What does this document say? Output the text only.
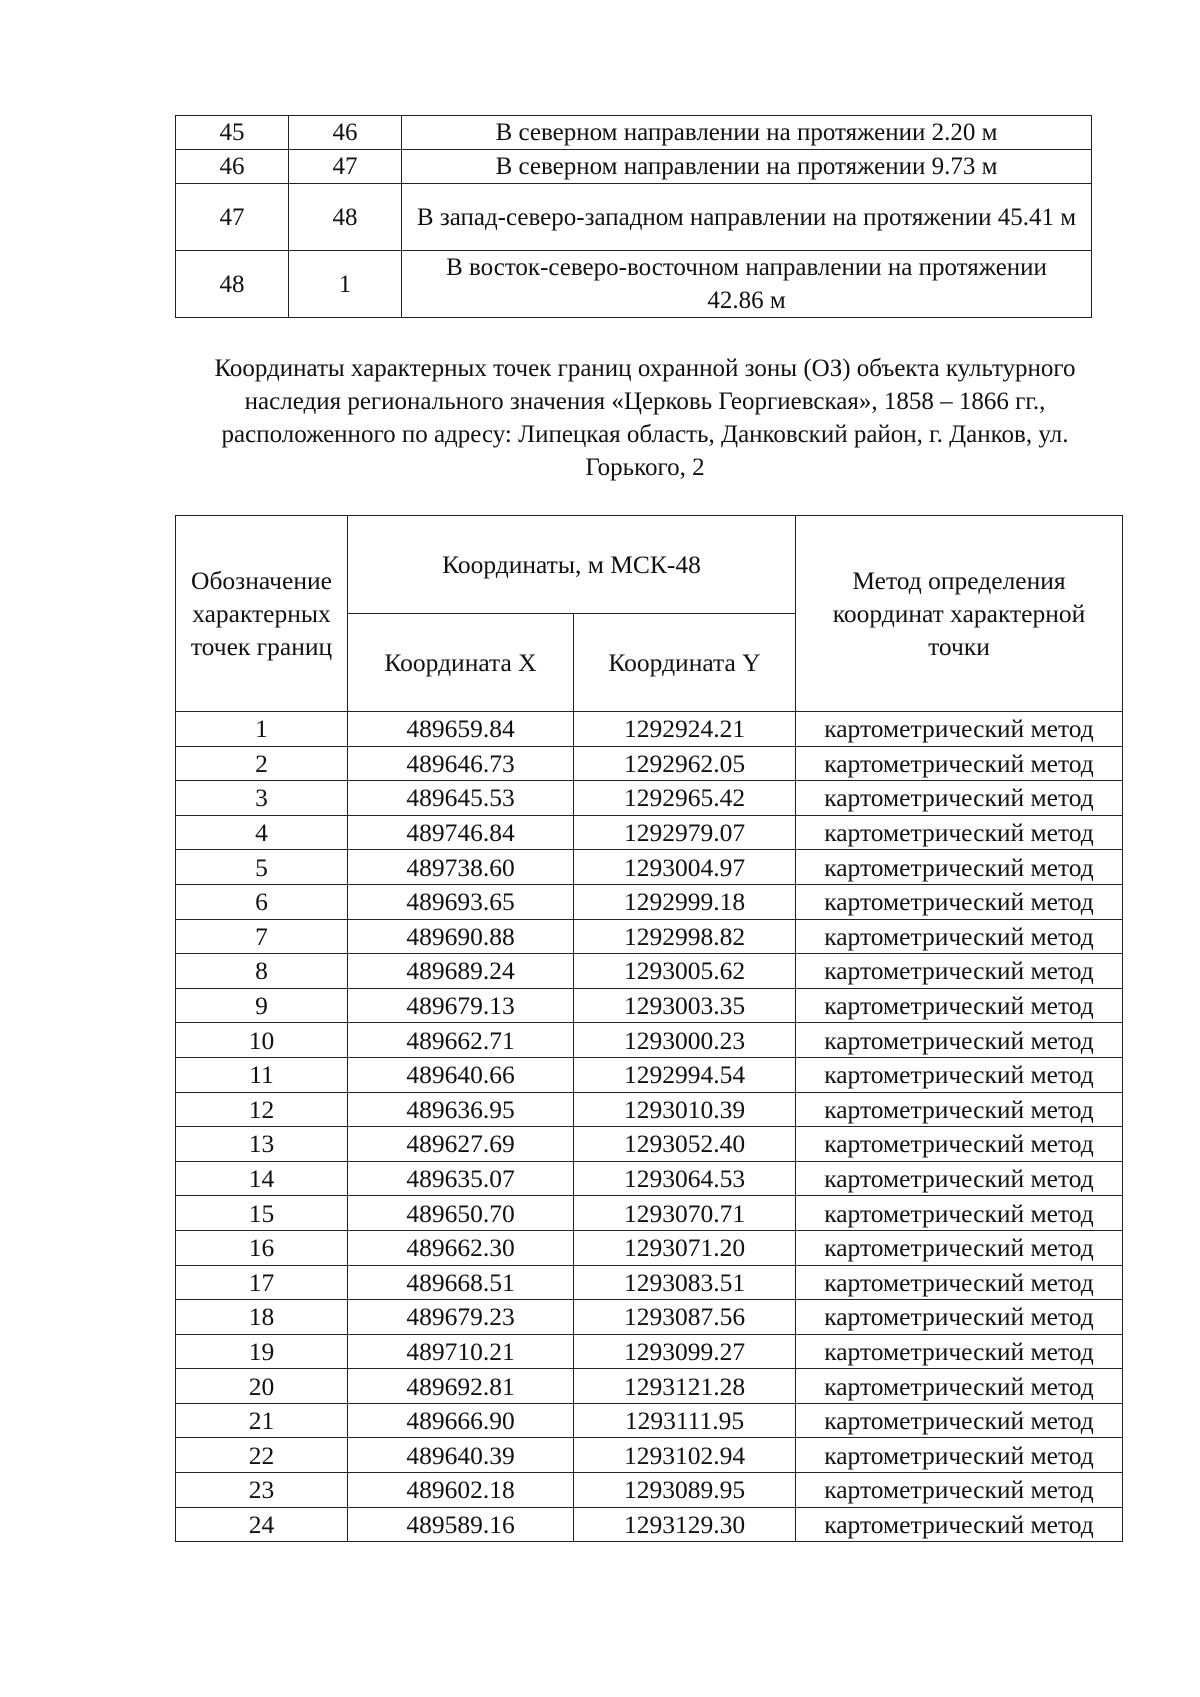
45	46	В северном направлении на протяжении 2.20 м
46	47	В северном направлении на протяжении 9.73 м
47	48	В запад-северо-западном направлении на протяжении 45.41 м
48	1	В восток-северо-восточном направлении на протяжении 42.86 м
Координаты характерных точек границ охранной зоны (ОЗ) объекта культурного наследия регионального значения «Церковь Георгиевская», 1858 – 1866 гг., расположенного по адресу: Липецкая область, Данковский район, г. Данков, ул. Горького, 2
Обозначение характерных точек границ	Координаты, м МСК-48		Метод определения координат характерной точки
	Координата X	Координата Y	
1	489659.84	1292924.21	картометрический метод
2	489646.73	1292962.05	картометрический метод
3	489645.53	1292965.42	картометрический метод
4	489746.84	1292979.07	картометрический метод
5	489738.60	1293004.97	картометрический метод
6	489693.65	1292999.18	картометрический метод
7	489690.88	1292998.82	картометрический метод
8	489689.24	1293005.62	картометрический метод
9	489679.13	1293003.35	картометрический метод
10	489662.71	1293000.23	картометрический метод
11	489640.66	1292994.54	картометрический метод
12	489636.95	1293010.39	картометрический метод
13	489627.69	1293052.40	картометрический метод
14	489635.07	1293064.53	картометрический метод
15	489650.70	1293070.71	картометрический метод
16	489662.30	1293071.20	картометрический метод
17	489668.51	1293083.51	картометрический метод
18	489679.23	1293087.56	картометрический метод
19	489710.21	1293099.27	картометрический метод
20	489692.81	1293121.28	картометрический метод
21	489666.90	1293111.95	картометрический метод
22	489640.39	1293102.94	картометрический метод
23	489602.18	1293089.95	картометрический метод
24	489589.16	1293129.30	картометрический метод
